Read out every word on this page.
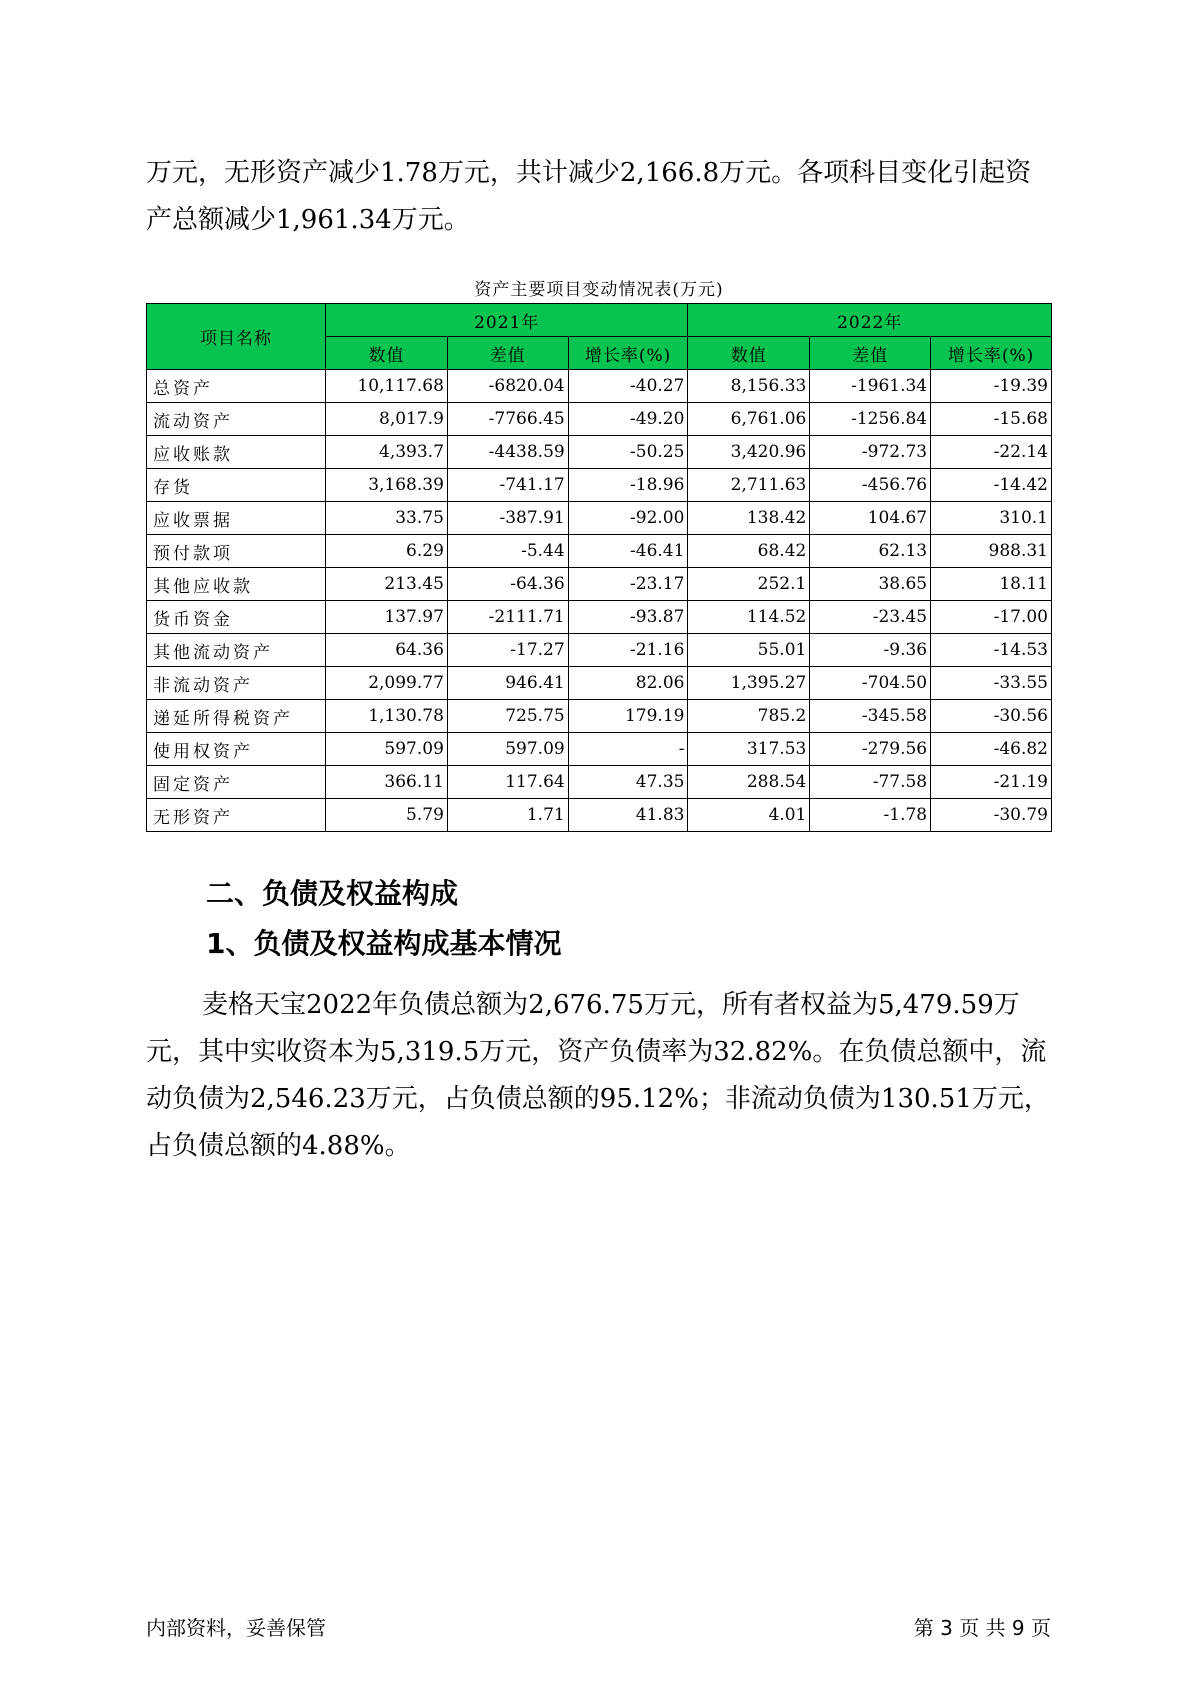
万元，无形资产减少1.78万元，共计减少2,166.8万元。各项科目变化引起资产总额减少1,961.34万元。

资产主要项目变动情况表(万元)
项目名称	2021年			2022年		
	数值	差值	增长率(%)	数值	差值	增长率(%)
总资产	10,117.68	-6820.04	-40.27	8,156.33	-1961.34	-19.39
流动资产	8,017.9	-7766.45	-49.20	6,761.06	-1256.84	-15.68
应收账款	4,393.7	-4438.59	-50.25	3,420.96	-972.73	-22.14
存货	3,168.39	-741.17	-18.96	2,711.63	-456.76	-14.42
应收票据	33.75	-387.91	-92.00	138.42	104.67	310.1
预付款项	6.29	-5.44	-46.41	68.42	62.13	988.31
其他应收款	213.45	-64.36	-23.17	252.1	38.65	18.11
货币资金	137.97	-2111.71	-93.87	114.52	-23.45	-17.00
其他流动资产	64.36	-17.27	-21.16	55.01	-9.36	-14.53
非流动资产	2,099.77	946.41	82.06	1,395.27	-704.50	-33.55
递延所得税资产	1,130.78	725.75	179.19	785.2	-345.58	-30.56
使用权资产	597.09	597.09	-	317.53	-279.56	-46.82
固定资产	366.11	117.64	47.35	288.54	-77.58	-21.19
无形资产	5.79	1.71	41.83	4.01	-1.78	-30.79
二、负债及权益构成
1、负债及权益构成基本情况

麦格天宝2022年负债总额为2,676.75万元，所有者权益为5,479.59万元，其中实收资本为5,319.5万元，资产负债率为32.82%。在负债总额中，流动负债为2,546.23万元，占负债总额的95.12%；非流动负债为130.51万元，占负债总额的4.88%。

内部资料，妥善保管	第 3 页 共 9 页
